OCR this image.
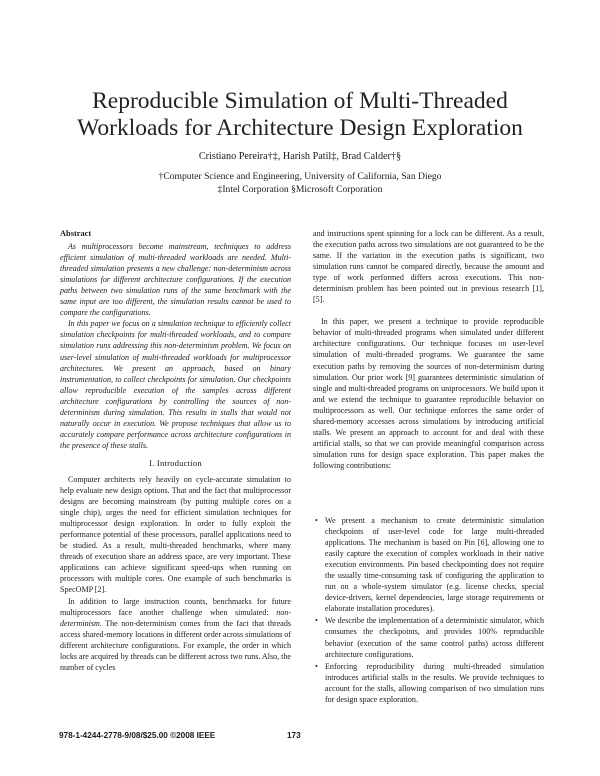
Reproducible Simulation of Multi-Threaded
Workloads for Architecture Design Exploration
Cristiano Pereira†‡, Harish Patil‡, Brad Calder†§
†Computer Science and Engineering, University of California, San Diego
‡Intel Corporation §Microsoft Corporation
Abstract

As multiprocessors become mainstream, techniques to address efficient simulation of multi-threaded workloads are needed. Multi-threaded simulation presents a new challenge: non-determinism across simulations for different architecture configurations. If the execution paths between two simulation runs of the same benchmark with the same input are too different, the simulation results cannot be used to compare the configurations.

In this paper we focus on a simulation technique to efficiently collect simulation checkpoints for multi-threaded workloads, and to compare simulation runs addressing this non-determinism problem. We focus on user-level simulation of multi-threaded workloads for multiprocessor architectures. We present an approach, based on binary instrumentation, to collect checkpoints for simulation. Our checkpoints allow reproducible execution of the samples across different architecture configurations by controlling the sources of non-determinism during simulation. This results in stalls that would not naturally occur in execution. We propose techniques that allow us to accurately compare performance across architecture configurations in the presence of these stalls.

I. Introduction

Computer architects rely heavily on cycle-accurate simulation to help evaluate new design options. That and the fact that multiprocessor designs are becoming mainstream (by putting multiple cores on a single chip), urges the need for efficient simulation techniques for multiprocessor design exploration. In order to fully exploit the performance potential of these processors, parallel applications need to be studied. As a result, multi-threaded benchmarks, where many threads of execution share an address space, are very important. These applications can achieve significant speed-ups when running on processors with multiple cores. One example of such benchmarks is SpecOMP [2].

In addition to large instruction counts, benchmarks for future multiprocessors face another challenge when simulated: non-determinism. The non-determinism comes from the fact that threads access shared-memory locations in different order across simulations of different architecture configurations. For example, the order in which locks are acquired by threads can be different across two runs. Also, the number of cycles

and instructions spent spinning for a lock can be different. As a result, the execution paths across two simulations are not guaranteed to be the same. If the variation in the execution paths is significant, two simulation runs cannot be compared directly, because the amount and type of work performed differs across executions. This non-determinism problem has been pointed out in previous research [1], [5].

In this paper, we present a technique to provide reproducible behavior of multi-threaded programs when simulated under different architecture configurations. Our technique focuses on user-level simulation of multi-threaded programs. We guarantee the same execution paths by removing the sources of non-determinism during simulation. Our prior work [9] guarantees deterministic simulation of single and multi-threaded programs on uniprocessors. We build upon it and we extend the technique to guarantee reproducible behavior on multiprocessors as well. Our technique enforces the same order of shared-memory accesses across simulations by introducing artificial stalls. We present an approach to account for and deal with these artificial stalls, so that we can provide meaningful comparison across simulation runs for design space exploration. This paper makes the following contributions:

• We present a mechanism to create deterministic simulation checkpoints of user-level code for large multi-threaded applications. The mechanism is based on Pin [6], allowing one to easily capture the execution of complex workloads in their native execution environments. Pin based checkpointing does not require the usually time-consuming task of configuring the application to run on a whole-system simulator (e.g. license checks, special device-drivers, kernel dependencies, large storage requirements or elaborate installation procedures).
• We describe the implementation of a deterministic simulator, which consumes the checkpoints, and provides 100% reproducible behavior (execution of the same control paths) across different architecture configurations.
• Enforcing reproducibility during multi-threaded simulation introduces artificial stalls in the results. We provide techniques to account for the stalls, allowing comparison of two simulation runs for design space exploration.
978-1-4244-2778-9/08/$25.00 ©2008 IEEE	173
